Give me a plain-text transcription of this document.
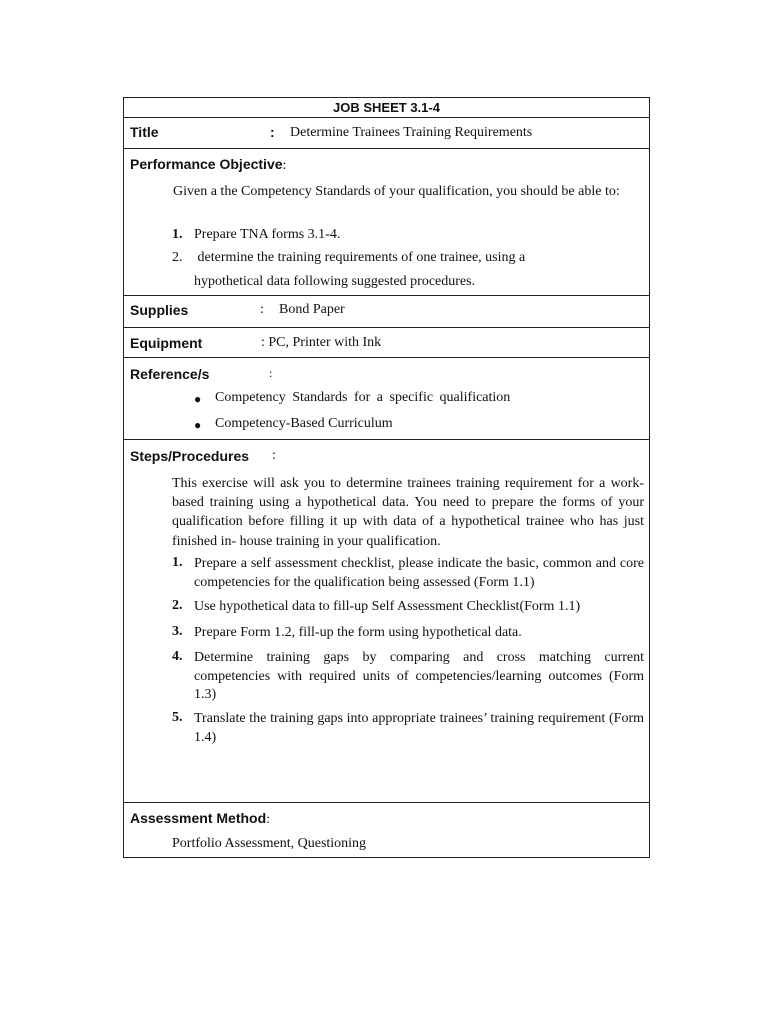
JOB SHEET 3.1-4
Title	: Determine Trainees Training Requirements
Performance Objective:

Given a the Competency Standards of your qualification, you should be able to:

1. Prepare TNA forms 3.1-4.
2. determine the training requirements of one trainee, using a
hypothetical data following suggested procedures.
Supplies	: Bond Paper
Equipment	: PC, Printer with Ink
Reference/s	:
● Competency Standards for a specific qualification
● Competency-Based Curriculum
Steps/Procedures :

This exercise will ask you to determine trainees training requirement for a work-based training using a hypothetical data. You need to prepare the forms of your qualification before filling it up with data of a hypothetical trainee who has just finished in- house training in your qualification.

1. Prepare a self assessment checklist, please indicate the basic, common and core competencies for the qualification being assessed (Form 1.1)

2. Use hypothetical data to fill-up Self Assessment Checklist(Form 1.1)

3. Prepare Form 1.2, fill-up the form using hypothetical data.

4. Determine training gaps by comparing and cross matching current competencies with required units of competencies/learning outcomes (Form 1.3)

5. Translate the training gaps into appropriate trainees’ training requirement (Form 1.4)

Assessment Method:
Portfolio Assessment, Questioning
